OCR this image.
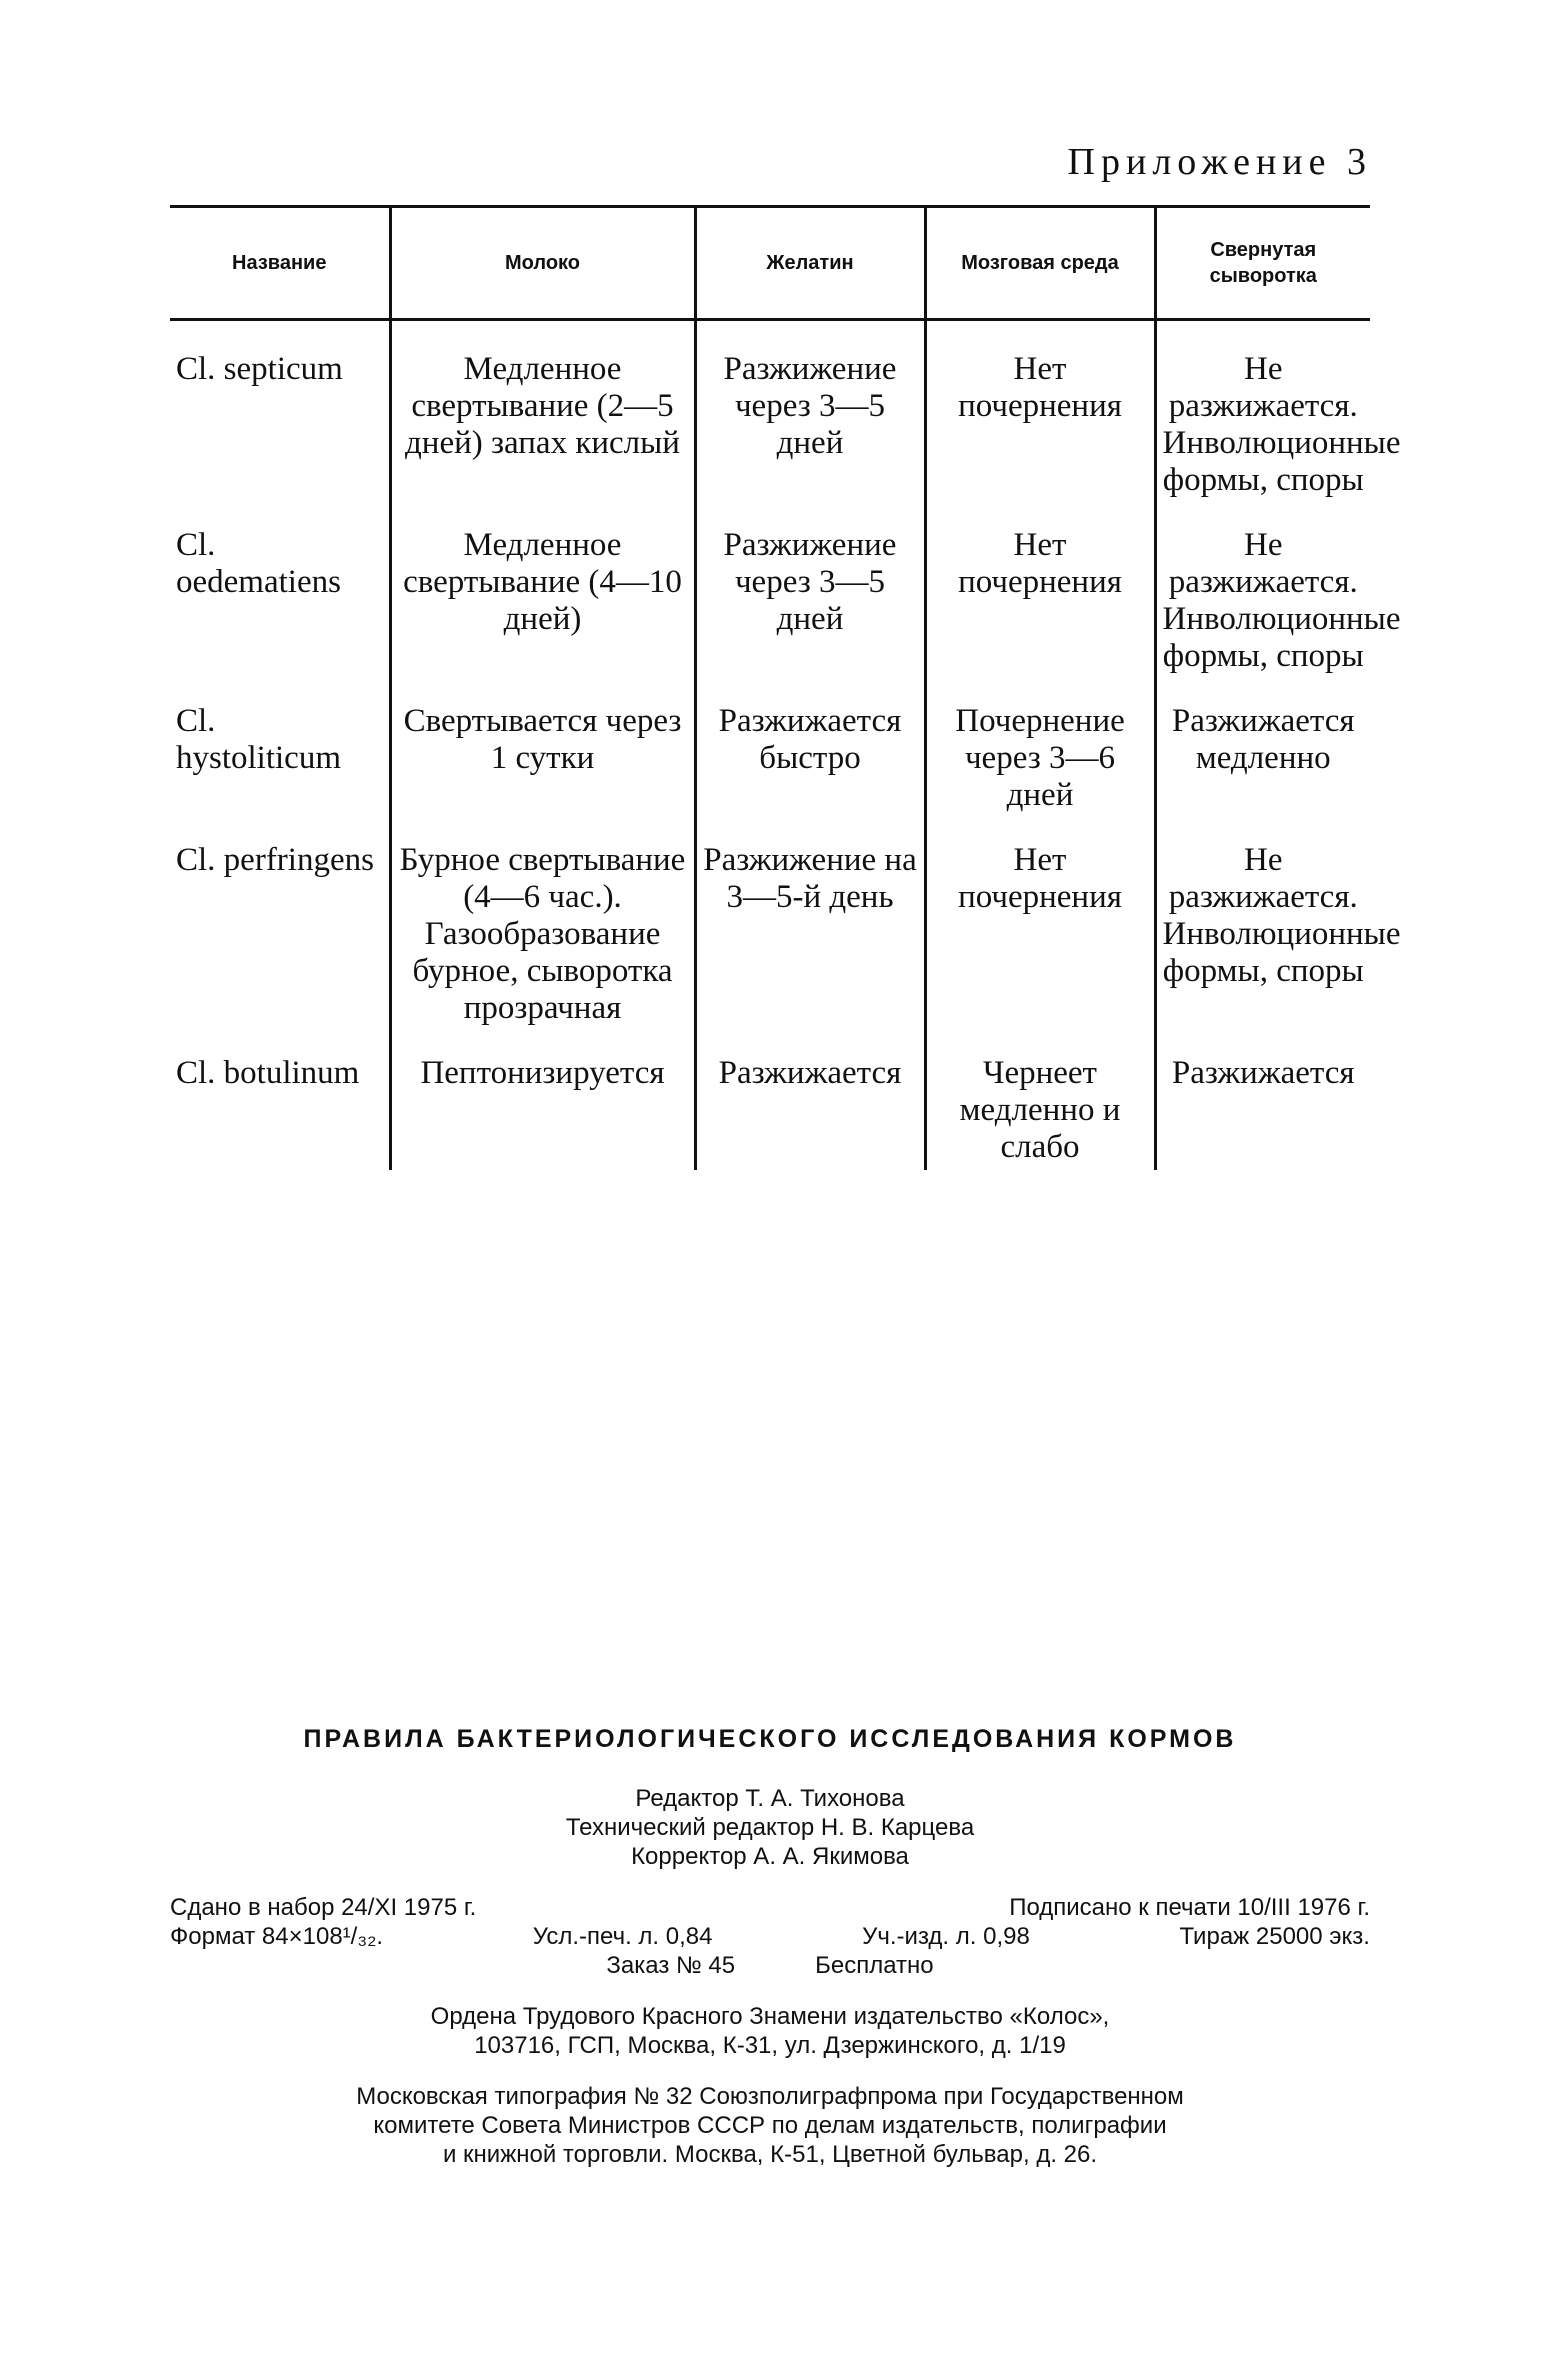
Приложение 3
Название	Молоко	Желатин	Мозговая среда	Свернутая сыворотка
Cl. septicum	Медленное свертывание (2—5 дней) запах кислый	Разжижение через 3—5 дней	Нет почернения	Не разжижается. Инволюционные формы, споры
Cl. oedematiens	Медленное свертывание (4—10 дней)	Разжижение через 3—5 дней	Нет почернения	Не разжижается. Инволюционные формы, споры
Cl. hystoliticum	Свертывается через 1 сутки	Разжижается быстро	Почернение через 3—6 дней	Разжижается медленно
Cl. perfringens	Бурное свертывание (4—6 час.). Газообразование бурное, сыворотка прозрачная	Разжижение на 3—5-й день	Нет почернения	Не разжижается. Инволюционные формы, споры
Cl. botulinum	Пептонизируется	Разжижается	Чернеет медленно и слабо	Разжижается
ПРАВИЛА БАКТЕРИОЛОГИЧЕСКОГО ИССЛЕДОВАНИЯ КОРМОВ
Редактор Т. А. Тихонова
Технический редактор Н. В. Карцева
Корректор А. А. Якимова
Сдано в набор 24/XI 1975 г.	Подписано к печати 10/III 1976 г.
Формат 84×108¹/₃₂.	Усл.-печ. л. 0,84	Уч.-изд. л. 0,98	Тираж 25000 экз.
Заказ № 45	Бесплатно
Ордена Трудового Красного Знамени издательство «Колос»,
103716, ГСП, Москва, К-31, ул. Дзержинского, д. 1/19
Московская типография № 32 Союзполиграфпрома при Государственном
комитете Совета Министров СССР по делам издательств, полиграфии
и книжной торговли. Москва, К-51, Цветной бульвар, д. 26.
